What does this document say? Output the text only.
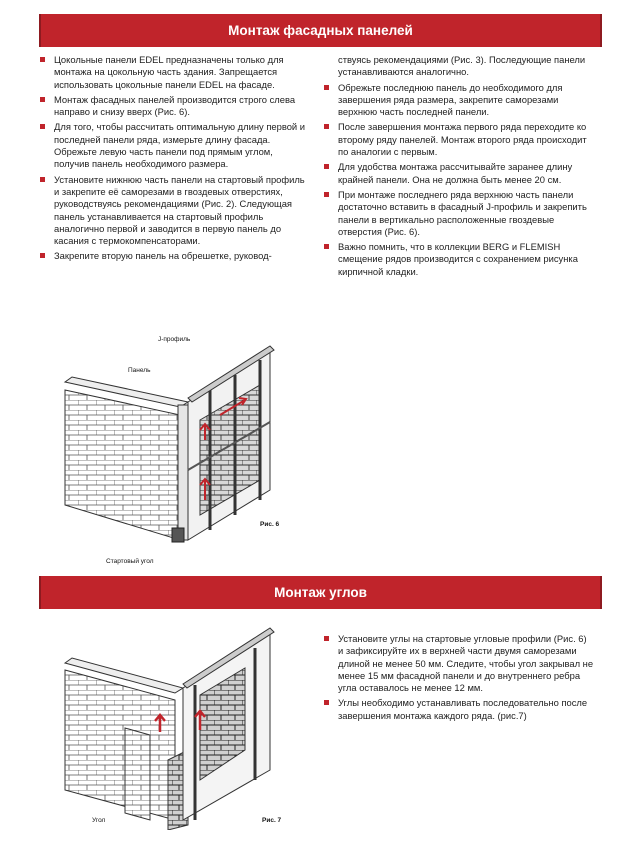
Монтаж фасадных панелей
Цокольные панели EDEL предназначены только для монтажа на цокольную часть здания. Запрещается использовать цокольные панели EDEL на фасаде.
Монтаж фасадных панелей производится строго слева направо и снизу вверх (Рис. 6).
Для того, чтобы рассчитать оптимальную длину первой и последней панели ряда, измерьте длину фасада. Обрежьте левую часть панели под прямым углом, получив панель необходимого размера.
Установите нижнюю часть панели на стартовый профиль и закрепите её саморезами в гвоздевых отверстиях, руководствуясь рекомендациями (Рис. 2). Следующая панель устанавливается на стартовый профиль аналогично первой и заводится в первую панель до касания с термокомпенсаторами.
Закрепите вторую панель на обрешетке, руковод-
ствуясь рекомендациями (Рис. 3). Последующие панели устанавливаются аналогично.
Обрежьте последнюю панель до необходимого для завершения ряда размера, закрепите саморезами верхнюю часть последней панели.
После завершения монтажа первого ряда переходите ко второму ряду панелей. Монтаж второго ряда происходит по аналогии с первым.
Для удобства монтажа рассчитывайте заранее длину крайней панели. Она не должна быть менее 20 см.
При монтаже последнего ряда верхнюю часть панели достаточно вставить в фасадный J-профиль и закрепить панели в вертикально расположенные гвоздевые отверстия (Рис. 6).
Важно помнить, что в коллекции BERG и FLEMISH смещение рядов производится с сохранением рисунка кирпичной кладки.
J-профиль
Панель
Стартовый угол
Рис. 6
Монтаж углов
Установите углы на стартовые угловые профили (Рис. 6) и зафиксируйте их в верхней части двумя саморезами длиной не менее 50 мм. Следите, чтобы угол закрывал не менее 15 мм фасадной панели и до внутреннего ребра угла оставалось не менее 12 мм.
Углы необходимо устанавливать последовательно после завершения монтажа каждого ряда. (рис.7)
Угол	Рис. 7
